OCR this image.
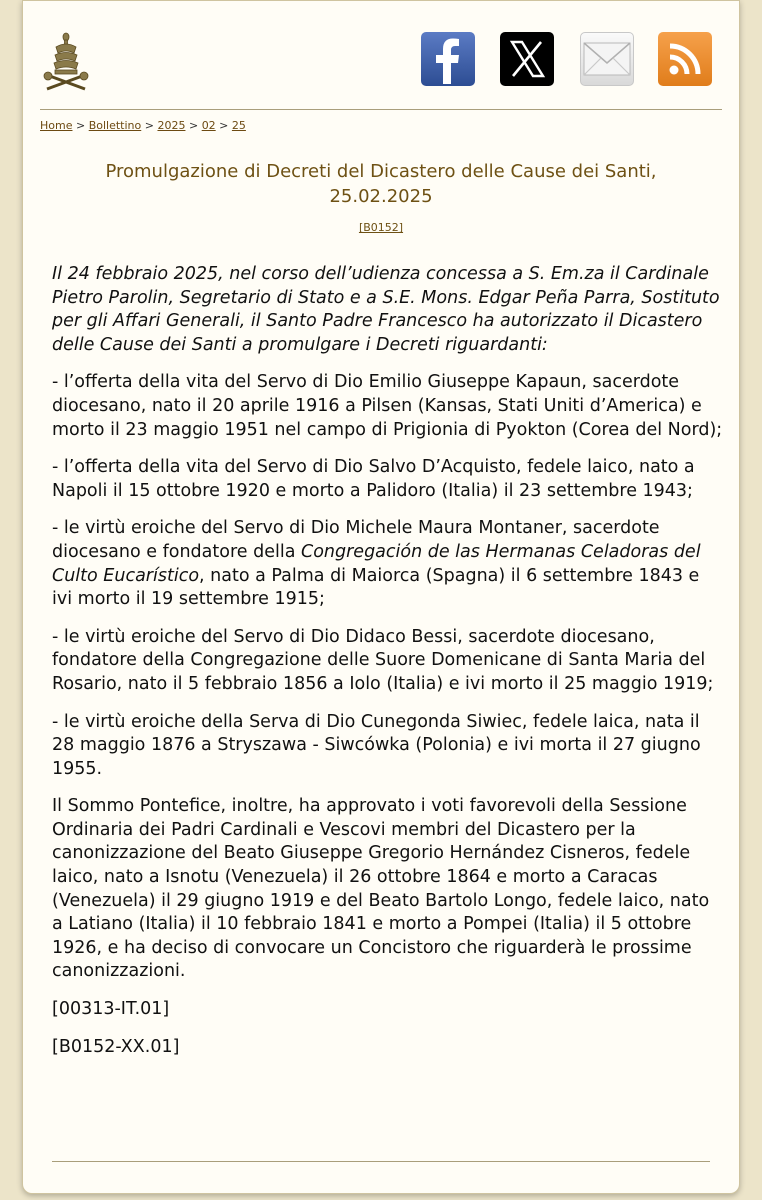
Home > Bollettino > 2025 > 02 > 25
Promulgazione di Decreti del Dicastero delle Cause dei Santi, 25.02.2025
[B0152]

Il 24 febbraio 2025, nel corso dell’udienza concessa a S. Em.za il Cardinale Pietro Parolin, Segretario di Stato e a S.E. Mons. Edgar Peña Parra, Sostituto per gli Affari Generali, il Santo Padre Francesco ha autorizzato il Dicastero delle Cause dei Santi a promulgare i Decreti riguardanti:

- l’offerta della vita del Servo di Dio Emilio Giuseppe Kapaun, sacerdote diocesano, nato il 20 aprile 1916 a Pilsen (Kansas, Stati Uniti d’America) e morto il 23 maggio 1951 nel campo di Prigionia di Pyokton (Corea del Nord);

- l’offerta della vita del Servo di Dio Salvo D’Acquisto, fedele laico, nato a Napoli il 15 ottobre 1920 e morto a Palidoro (Italia) il 23 settembre 1943;

- le virtù eroiche del Servo di Dio Michele Maura Montaner, sacerdote diocesano e fondatore della Congregación de las Hermanas Celadoras del Culto Eucarístico, nato a Palma di Maiorca (Spagna) il 6 settembre 1843 e ivi morto il 19 settembre 1915;

- le virtù eroiche del Servo di Dio Didaco Bessi, sacerdote diocesano, fondatore della Congregazione delle Suore Domenicane di Santa Maria del Rosario, nato il 5 febbraio 1856 a Iolo (Italia) e ivi morto il 25 maggio 1919;

- le virtù eroiche della Serva di Dio Cunegonda Siwiec, fedele laica, nata il 28 maggio 1876 a Stryszawa - Siwcówka (Polonia) e ivi morta il 27 giugno 1955.

Il Sommo Pontefice, inoltre, ha approvato i voti favorevoli della Sessione Ordinaria dei Padri Cardinali e Vescovi membri del Dicastero per la canonizzazione del Beato Giuseppe Gregorio Hernández Cisneros, fedele laico, nato a Isnotu (Venezuela) il 26 ottobre 1864 e morto a Caracas (Venezuela) il 29 giugno 1919 e del Beato Bartolo Longo, fedele laico, nato a Latiano (Italia) il 10 febbraio 1841 e morto a Pompei (Italia) il 5 ottobre 1926, e ha deciso di convocare un Concistoro che riguarderà le prossime canonizzazioni.

[00313-IT.01]

[B0152-XX.01]
